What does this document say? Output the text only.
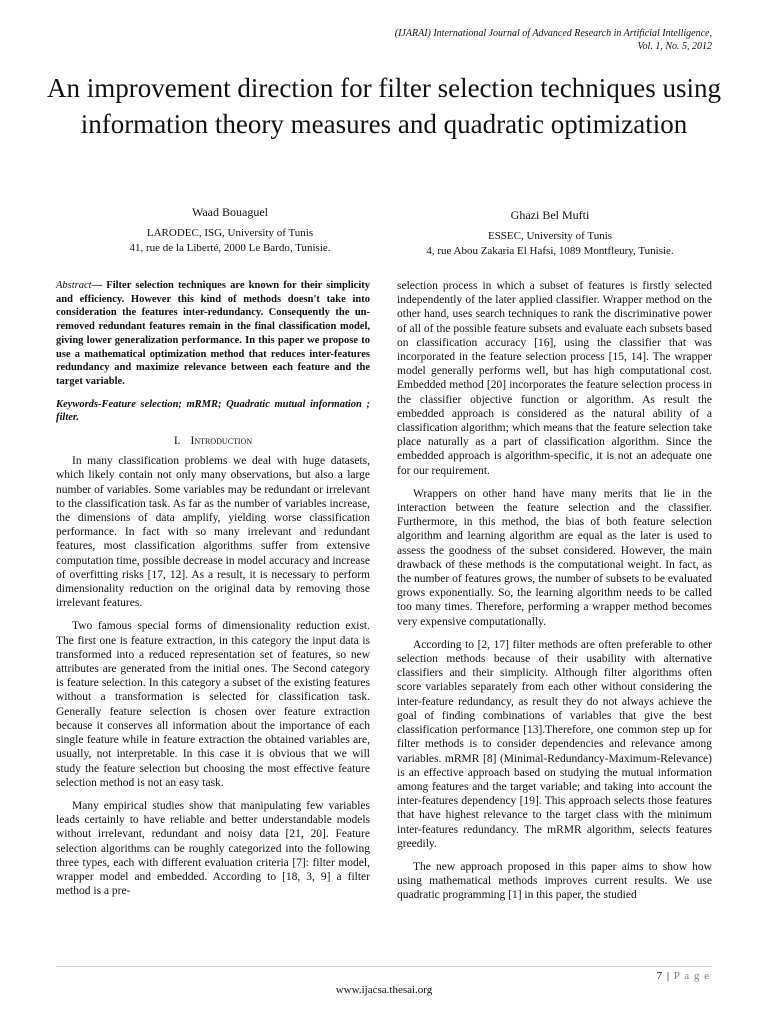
(IJARAI) International Journal of Advanced Research in Artificial Intelligence,
Vol. 1, No. 5, 2012
An improvement direction for filter selection techniques using information theory measures and quadratic optimization
Waad Bouaguel
LARODEC, ISG, University of Tunis
41, rue de la Liberté, 2000 Le Bardo, Tunisie.
Ghazi Bel Mufti
ESSEC, University of Tunis
4, rue Abou Zakaria El Hafsi, 1089 Montfleury, Tunisie.

Abstract— Filter selection techniques are known for their simplicity and efficiency. However this kind of methods doesn't take into consideration the features inter-redundancy. Consequently the un-removed redundant features remain in the final classification model, giving lower generalization performance. In this paper we propose to use a mathematical optimization method that reduces inter-features redundancy and maximize relevance between each feature and the target variable.

Keywords-Feature selection; mRMR; Quadratic mutual information ; filter.

I. Introduction

In many classification problems we deal with huge datasets, which likely contain not only many observations, but also a large number of variables. Some variables may be redundant or irrelevant to the classification task. As far as the number of variables increase, the dimensions of data amplify, yielding worse classification performance. In fact with so many irrelevant and redundant features, most classification algorithms suffer from extensive computation time, possible decrease in model accuracy and increase of overfitting risks [17, 12]. As a result, it is necessary to perform dimensionality reduction on the original data by removing those irrelevant features.

Two famous special forms of dimensionality reduction exist. The first one is feature extraction, in this category the input data is transformed into a reduced representation set of features, so new attributes are generated from the initial ones. The Second category is feature selection. In this category a subset of the existing features without a transformation is selected for classification task. Generally feature selection is chosen over feature extraction because it conserves all information about the importance of each single feature while in feature extraction the obtained variables are, usually, not interpretable. In this case it is obvious that we will study the feature selection but choosing the most effective feature selection method is not an easy task.

Many empirical studies show that manipulating few variables leads certainly to have reliable and better understandable models without irrelevant, redundant and noisy data [21, 20]. Feature selection algorithms can be roughly categorized into the following three types, each with different evaluation criteria [7]: filter model, wrapper model and embedded. According to [18, 3, 9] a filter method is a pre-

selection process in which a subset of features is firstly selected independently of the later applied classifier. Wrapper method on the other hand, uses search techniques to rank the discriminative power of all of the possible feature subsets and evaluate each subsets based on classification accuracy [16], using the classifier that was incorporated in the feature selection process [15, 14]. The wrapper model generally performs well, but has high computational cost. Embedded method [20] incorporates the feature selection process in the classifier objective function or algorithm. As result the embedded approach is considered as the natural ability of a classification algorithm; which means that the feature selection take place naturally as a part of classification algorithm. Since the embedded approach is algorithm-specific, it is not an adequate one for our requirement.

Wrappers on other hand have many merits that lie in the interaction between the feature selection and the classifier. Furthermore, in this method, the bias of both feature selection algorithm and learning algorithm are equal as the later is used to assess the goodness of the subset considered. However, the main drawback of these methods is the computational weight. In fact, as the number of features grows, the number of subsets to be evaluated grows exponentially. So, the learning algorithm needs to be called too many times. Therefore, performing a wrapper method becomes very expensive computationally.

According to [2, 17] filter methods are often preferable to other selection methods because of their usability with alternative classifiers and their simplicity. Although filter algorithms often score variables separately from each other without considering the inter-feature redundancy, as result they do not always achieve the goal of finding combinations of variables that give the best classification performance [13].Therefore, one common step up for filter methods is to consider dependencies and relevance among variables. mRMR [8] (Minimal-Redundancy-Maximum-Relevance) is an effective approach based on studying the mutual information among features and the target variable; and taking into account the inter-features dependency [19]. This approach selects those features that have highest relevance to the target class with the minimum inter-features redundancy. The mRMR algorithm, selects features greedily.

The new approach proposed in this paper aims to show how using mathematical methods improves current results. We use quadratic programming [1] in this paper, the studied

7 | P a g e
www.ijacsa.thesai.org
